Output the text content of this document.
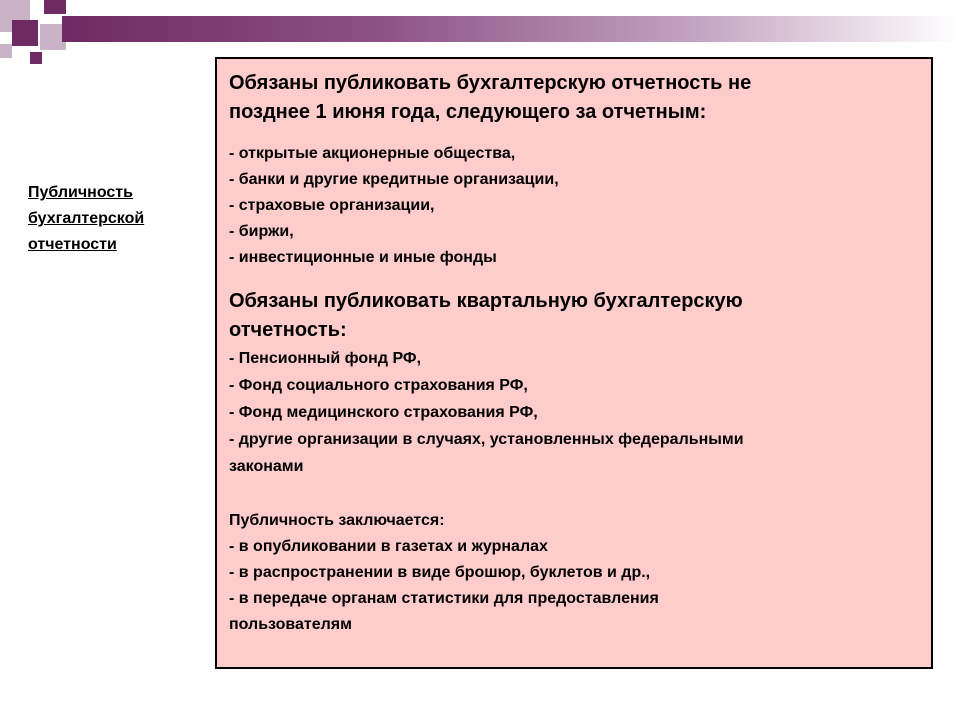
Публичность
бухгалтерской
отчетности
Обязаны публиковать бухгалтерскую отчетность не
позднее 1 июня года, следующего за отчетным:
- открытые акционерные общества,
- банки и другие кредитные организации,
- страховые организации,
- биржи,
- инвестиционные и иные фонды
Обязаны публиковать квартальную бухгалтерскую
отчетность:
- Пенсионный фонд РФ,
- Фонд социального страхования РФ,
- Фонд медицинского страхования РФ,
- другие организации в случаях, установленных федеральными
законами
Публичность заключается:
- в опубликовании в газетах и журналах
- в распространении в виде брошюр, буклетов и др.,
- в передаче органам статистики для предоставления
пользователям
